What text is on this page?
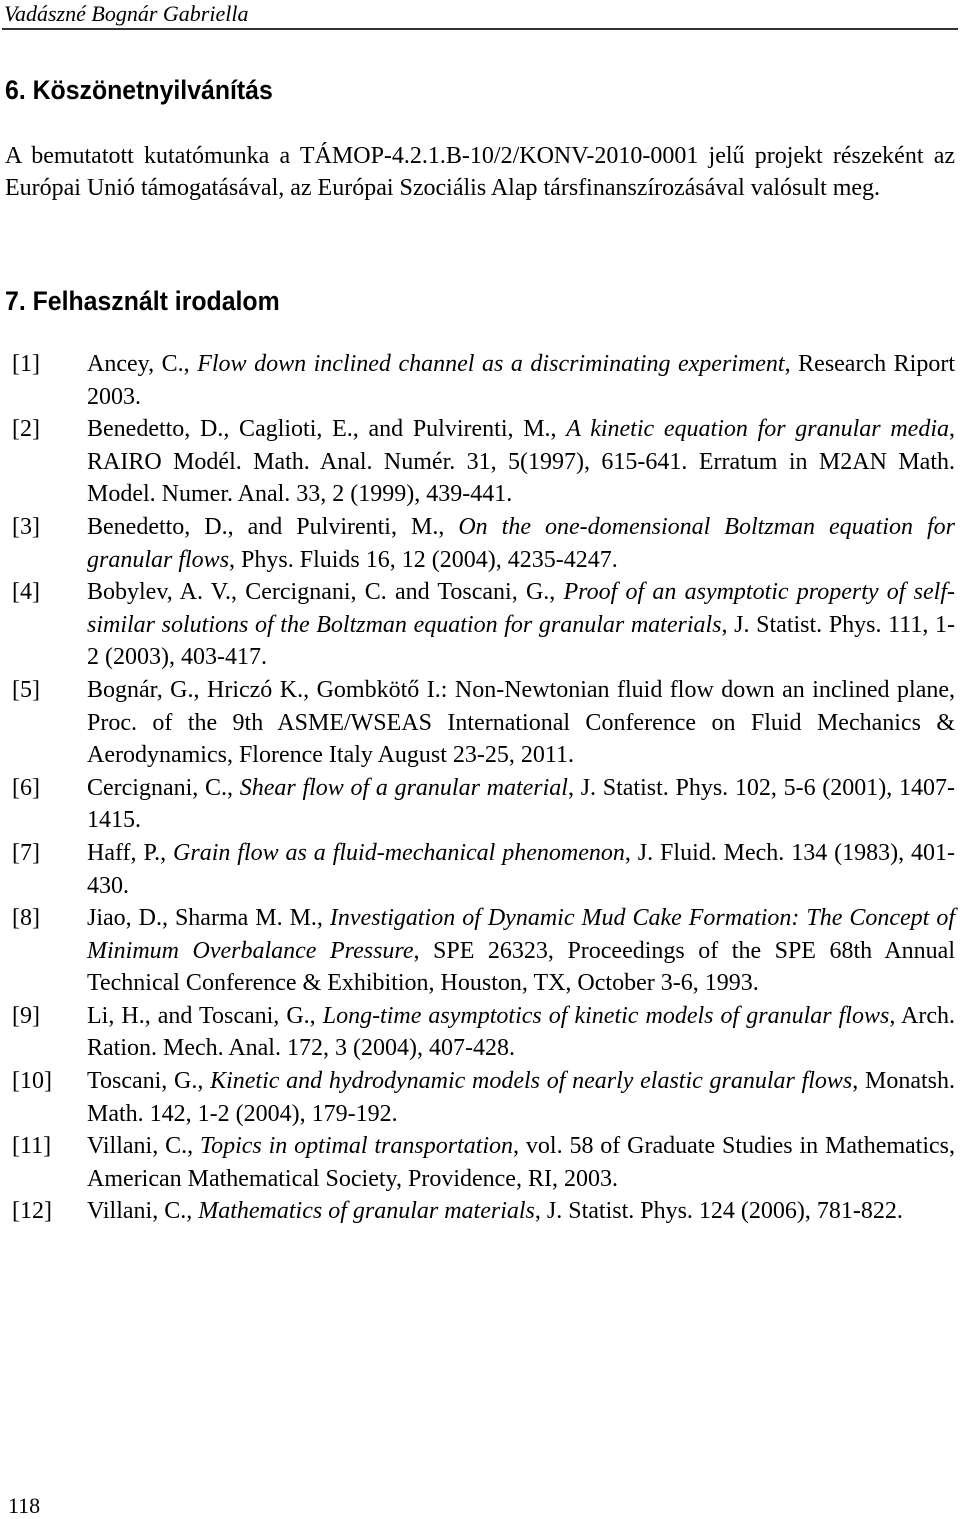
Vadászné Bognár Gabriella
6. Köszönetnyilvánítás
A bemutatott kutatómunka a TÁMOP-4.2.1.B-10/2/KONV-2010-0001 jelű projekt részeként az Európai Unió támogatásával, az Európai Szociális Alap társfinanszírozásával valósult meg.
7. Felhasznált irodalom
[1] Ancey, C., Flow down inclined channel as a discriminating experiment, Research Riport 2003.
[2] Benedetto, D., Caglioti, E., and Pulvirenti, M., A kinetic equation for granular media, RAIRO Modél. Math. Anal. Numér. 31, 5(1997), 615-641. Erratum in M2AN Math. Model. Numer. Anal. 33, 2 (1999), 439-441.
[3] Benedetto, D., and Pulvirenti, M., On the one-domensional Boltzman equation for granular flows, Phys. Fluids 16, 12 (2004), 4235-4247.
[4] Bobylev, A. V., Cercignani, C. and Toscani, G., Proof of an asymptotic property of self-similar solutions of the Boltzman equation for granular materials, J. Statist. Phys. 111, 1-2 (2003), 403-417.
[5] Bognár, G., Hriczó K., Gombkötő I.: Non-Newtonian fluid flow down an inclined plane, Proc. of the 9th ASME/WSEAS International Conference on Fluid Mechanics & Aerodynamics, Florence Italy August 23-25, 2011.
[6] Cercignani, C., Shear flow of a granular material, J. Statist. Phys. 102, 5-6 (2001), 1407-1415.
[7] Haff, P., Grain flow as a fluid-mechanical phenomenon, J. Fluid. Mech. 134 (1983), 401-430.
[8] Jiao, D., Sharma M. M., Investigation of Dynamic Mud Cake Formation: The Concept of Minimum Overbalance Pressure, SPE 26323, Proceedings of the SPE 68th Annual Technical Conference & Exhibition, Houston, TX, October 3-6, 1993.
[9] Li, H., and Toscani, G., Long-time asymptotics of kinetic models of granular flows, Arch. Ration. Mech. Anal. 172, 3 (2004), 407-428.
[10] Toscani, G., Kinetic and hydrodynamic models of nearly elastic granular flows, Monatsh. Math. 142, 1-2 (2004), 179-192.
[11] Villani, C., Topics in optimal transportation, vol. 58 of Graduate Studies in Mathematics, American Mathematical Society, Providence, RI, 2003.
[12] Villani, C., Mathematics of granular materials, J. Statist. Phys. 124 (2006), 781-822.
118
